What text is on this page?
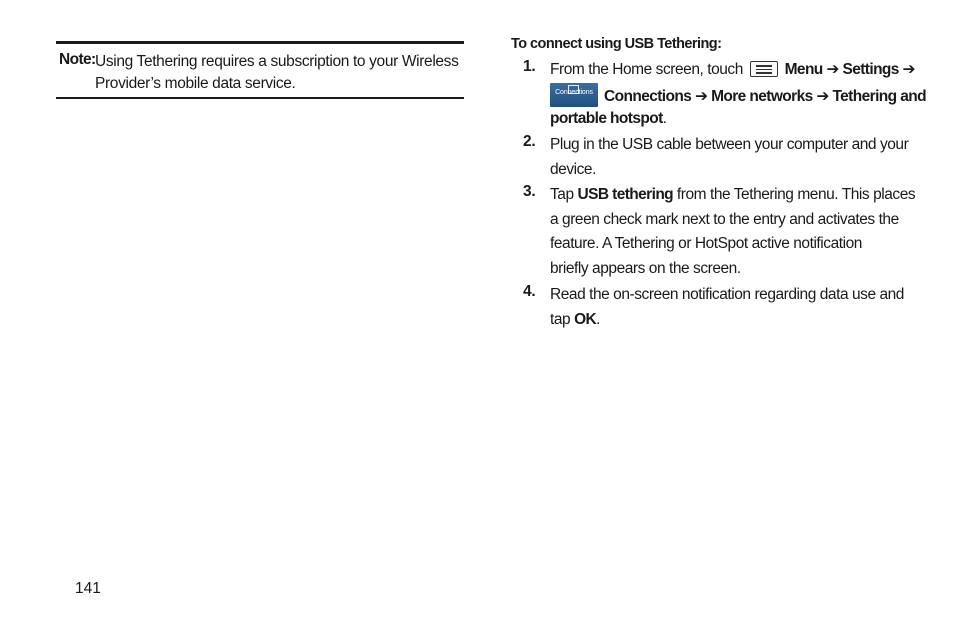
Note: Using Tethering requires a subscription to your Wireless
Provider’s mobile data service.
To connect using USB Tethering:
1. From the Home screen, touch	Menu ➔ Settings ➔
Connections Connections ➔ More networks ➔ Tethering and
portable hotspot.
2. Plug in the USB cable between your computer and your
device.
3. Tap USB tethering from the Tethering menu. This places
a green check mark next to the entry and activates the
feature. A Tethering or HotSpot active notification
briefly appears on the screen.
4. Read the on-screen notification regarding data use and
tap OK.
141
